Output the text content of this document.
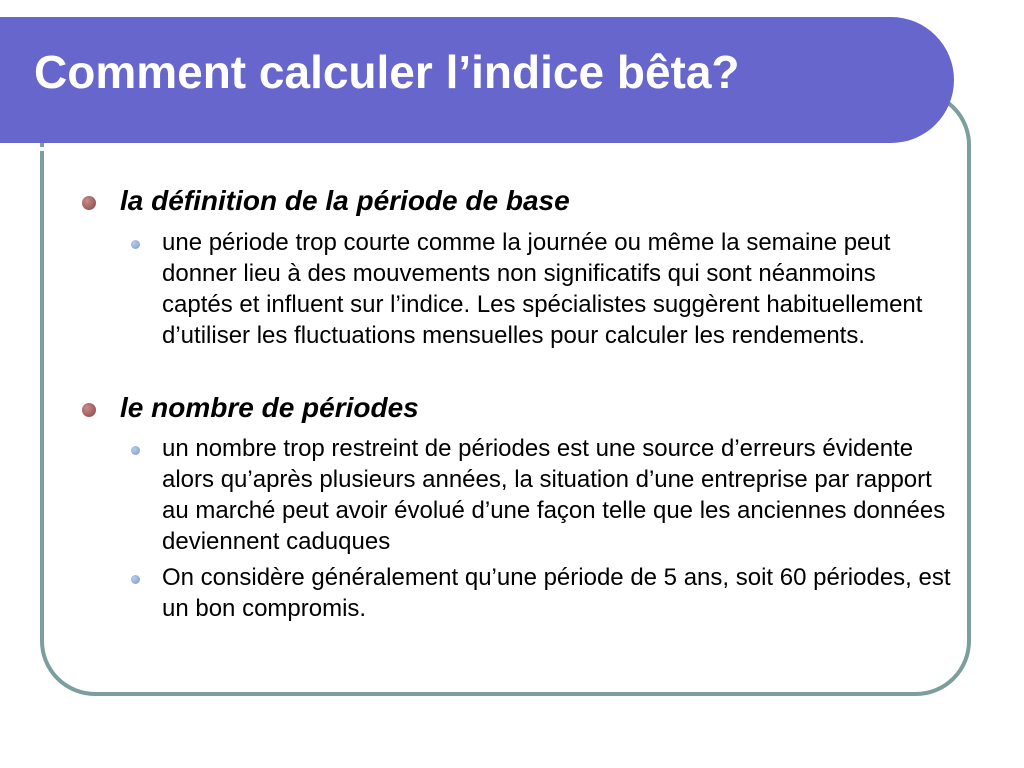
Comment calculer l’indice bêta?
la définition de la période de base
une période trop courte comme la journée ou même la semaine peut donner lieu à des mouvements non significatifs qui sont néanmoins captés et influent sur l’indice. Les spécialistes suggèrent habituellement d’utiliser les fluctuations mensuelles pour calculer les rendements.
le nombre de périodes
un nombre trop restreint de périodes est une source d’erreurs évidente alors qu’après plusieurs années, la situation d’une entreprise par rapport au marché peut avoir évolué d’une façon telle que les anciennes données deviennent caduques
On considère généralement qu’une période de 5 ans, soit 60 périodes, est un bon compromis.
